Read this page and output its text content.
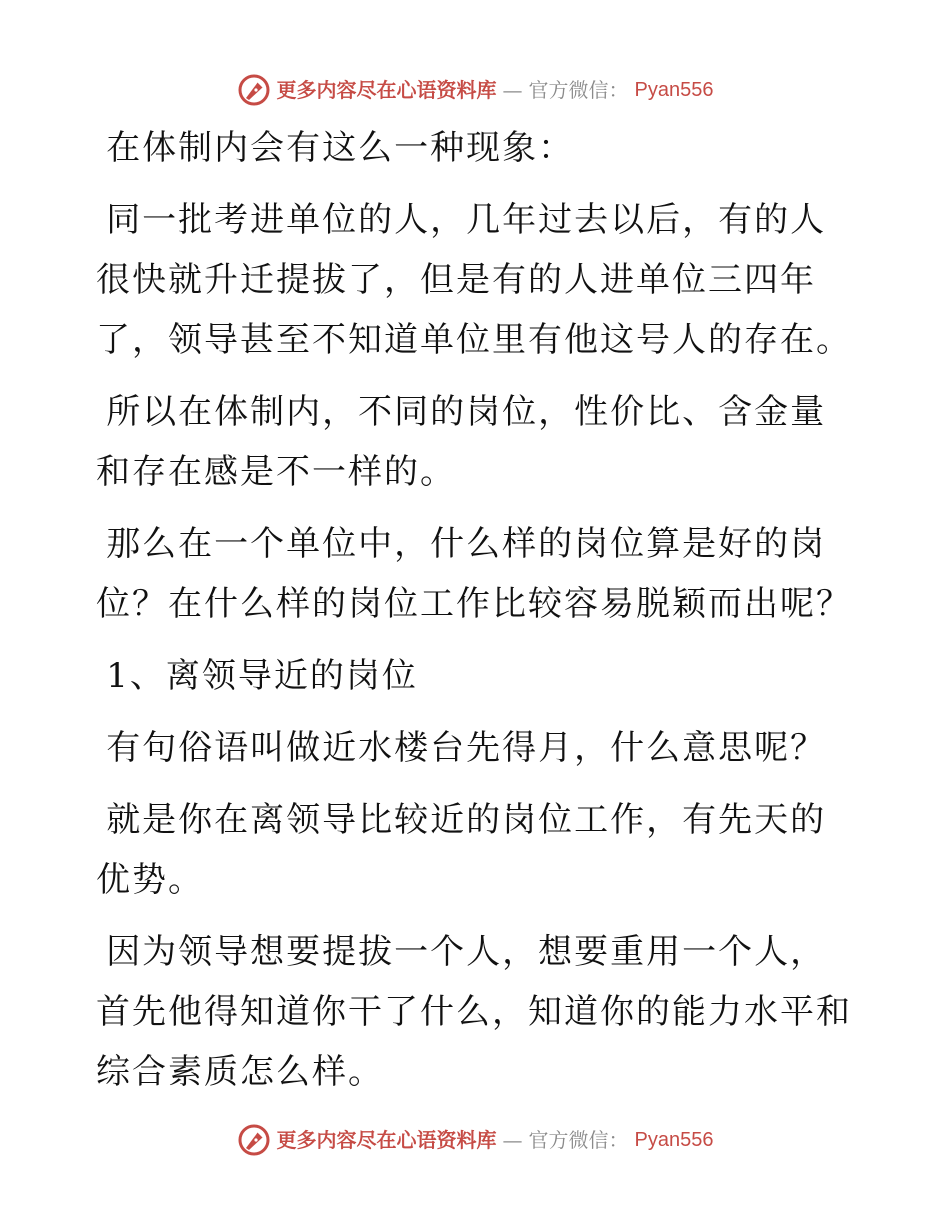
更多内容尽在心语资料库 — 官方微信： Pyan556

在体制内会有这么一种现象：

同一批考进单位的人，几年过去以后，有的人很快就升迁提拔了，但是有的人进单位三四年了，领导甚至不知道单位里有他这号人的存在。

所以在体制内，不同的岗位，性价比、含金量和存在感是不一样的。

那么在一个单位中，什么样的岗位算是好的岗位？在什么样的岗位工作比较容易脱颖而出呢？

1、离领导近的岗位

有句俗语叫做近水楼台先得月，什么意思呢？

就是你在离领导比较近的岗位工作，有先天的优势。

因为领导想要提拔一个人，想要重用一个人，首先他得知道你干了什么，知道你的能力水平和综合素质怎么样。

更多内容尽在心语资料库 — 官方微信： Pyan556
